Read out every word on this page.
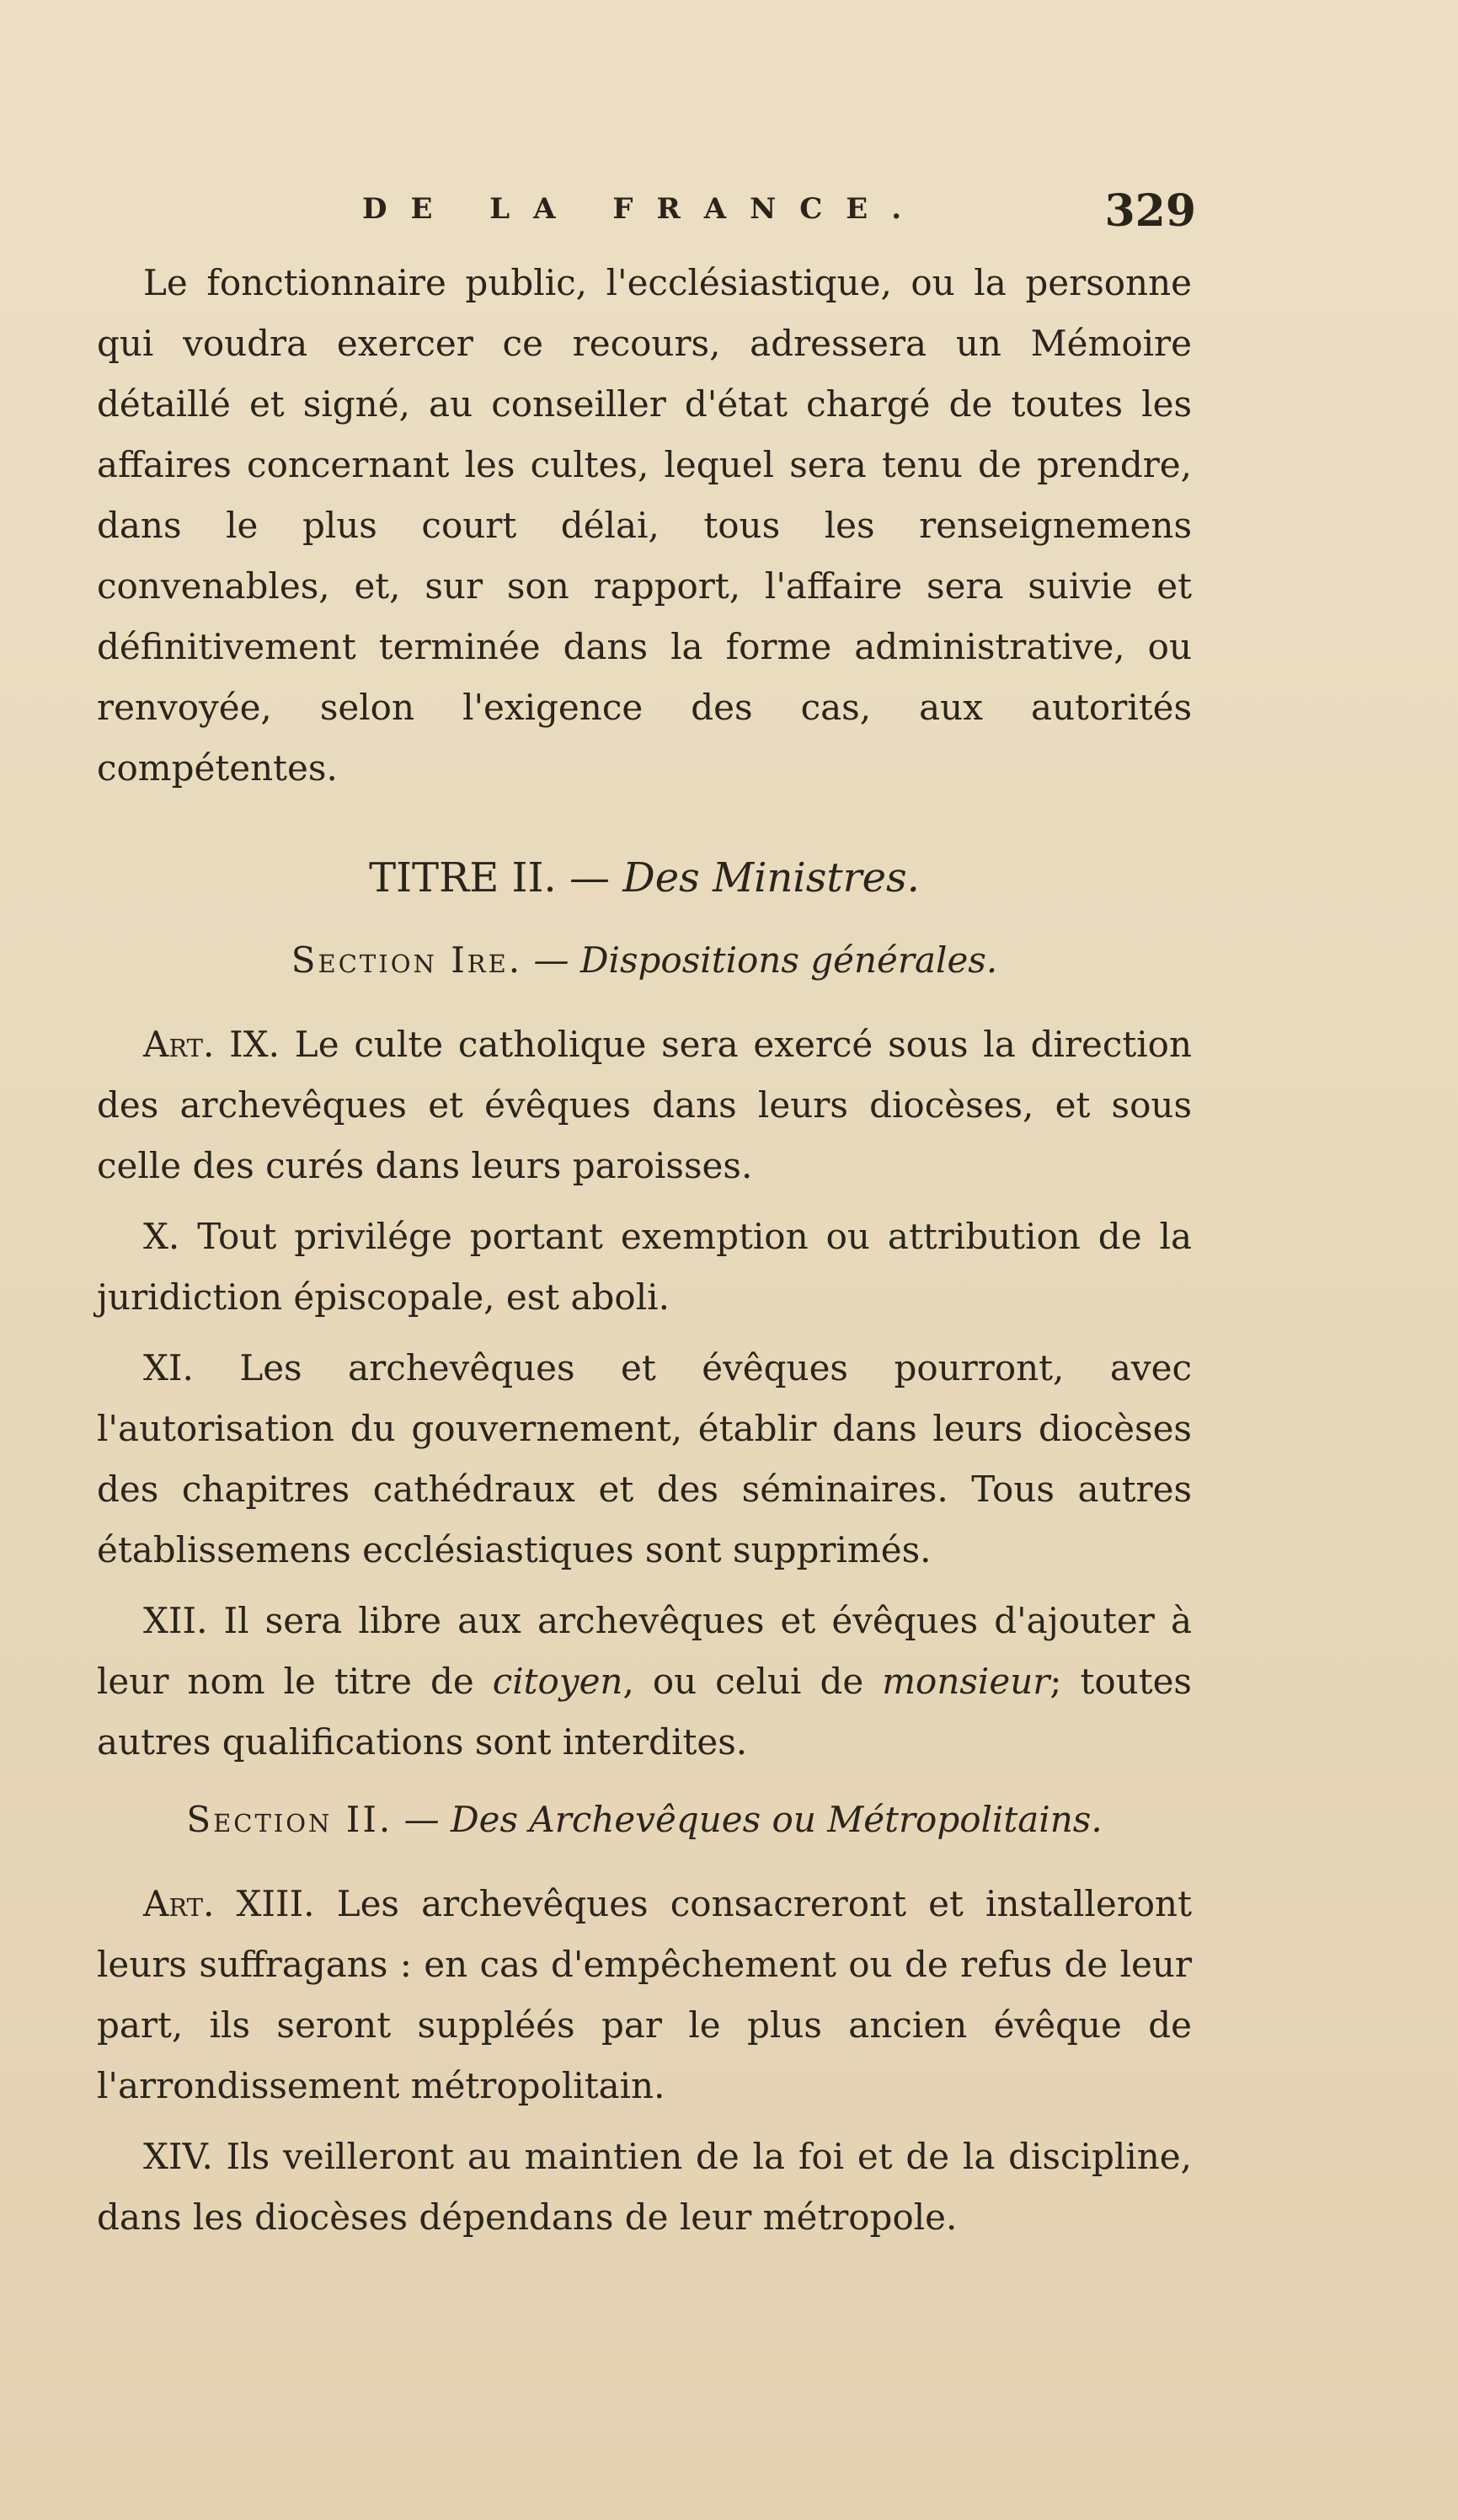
DE LA FRANCE.	329

Le fonctionnaire public, l'ecclésiastique, ou la personne qui voudra exercer ce recours, adressera un Mémoire détaillé et signé, au conseiller d'état chargé de toutes les affaires concernant les cultes, lequel sera tenu de prendre, dans le plus court délai, tous les renseignemens convenables, et, sur son rapport, l'affaire sera suivie et définitivement terminée dans la forme administrative, ou renvoyée, selon l'exigence des cas, aux autorités compétentes.

TITRE II. — Des Ministres.
Section Ire. — Dispositions générales.

Art. IX. Le culte catholique sera exercé sous la direction des archevêques et évêques dans leurs diocèses, et sous celle des curés dans leurs paroisses.

X. Tout privilége portant exemption ou attribution de la juridiction épiscopale, est aboli.

XI. Les archevêques et évêques pourront, avec l'autorisation du gouvernement, établir dans leurs diocèses des chapitres cathédraux et des séminaires. Tous autres établissemens ecclésiastiques sont supprimés.

XII. Il sera libre aux archevêques et évêques d'ajouter à leur nom le titre de citoyen, ou celui de monsieur; toutes autres qualifications sont interdites.

Section II. — Des Archevêques ou Métropolitains.

Art. XIII. Les archevêques consacreront et installeront leurs suffragans : en cas d'empêchement ou de refus de leur part, ils seront suppléés par le plus ancien évêque de l'arrondissement métropolitain.

XIV. Ils veilleront au maintien de la foi et de la discipline, dans les diocèses dépendans de leur métropole.
